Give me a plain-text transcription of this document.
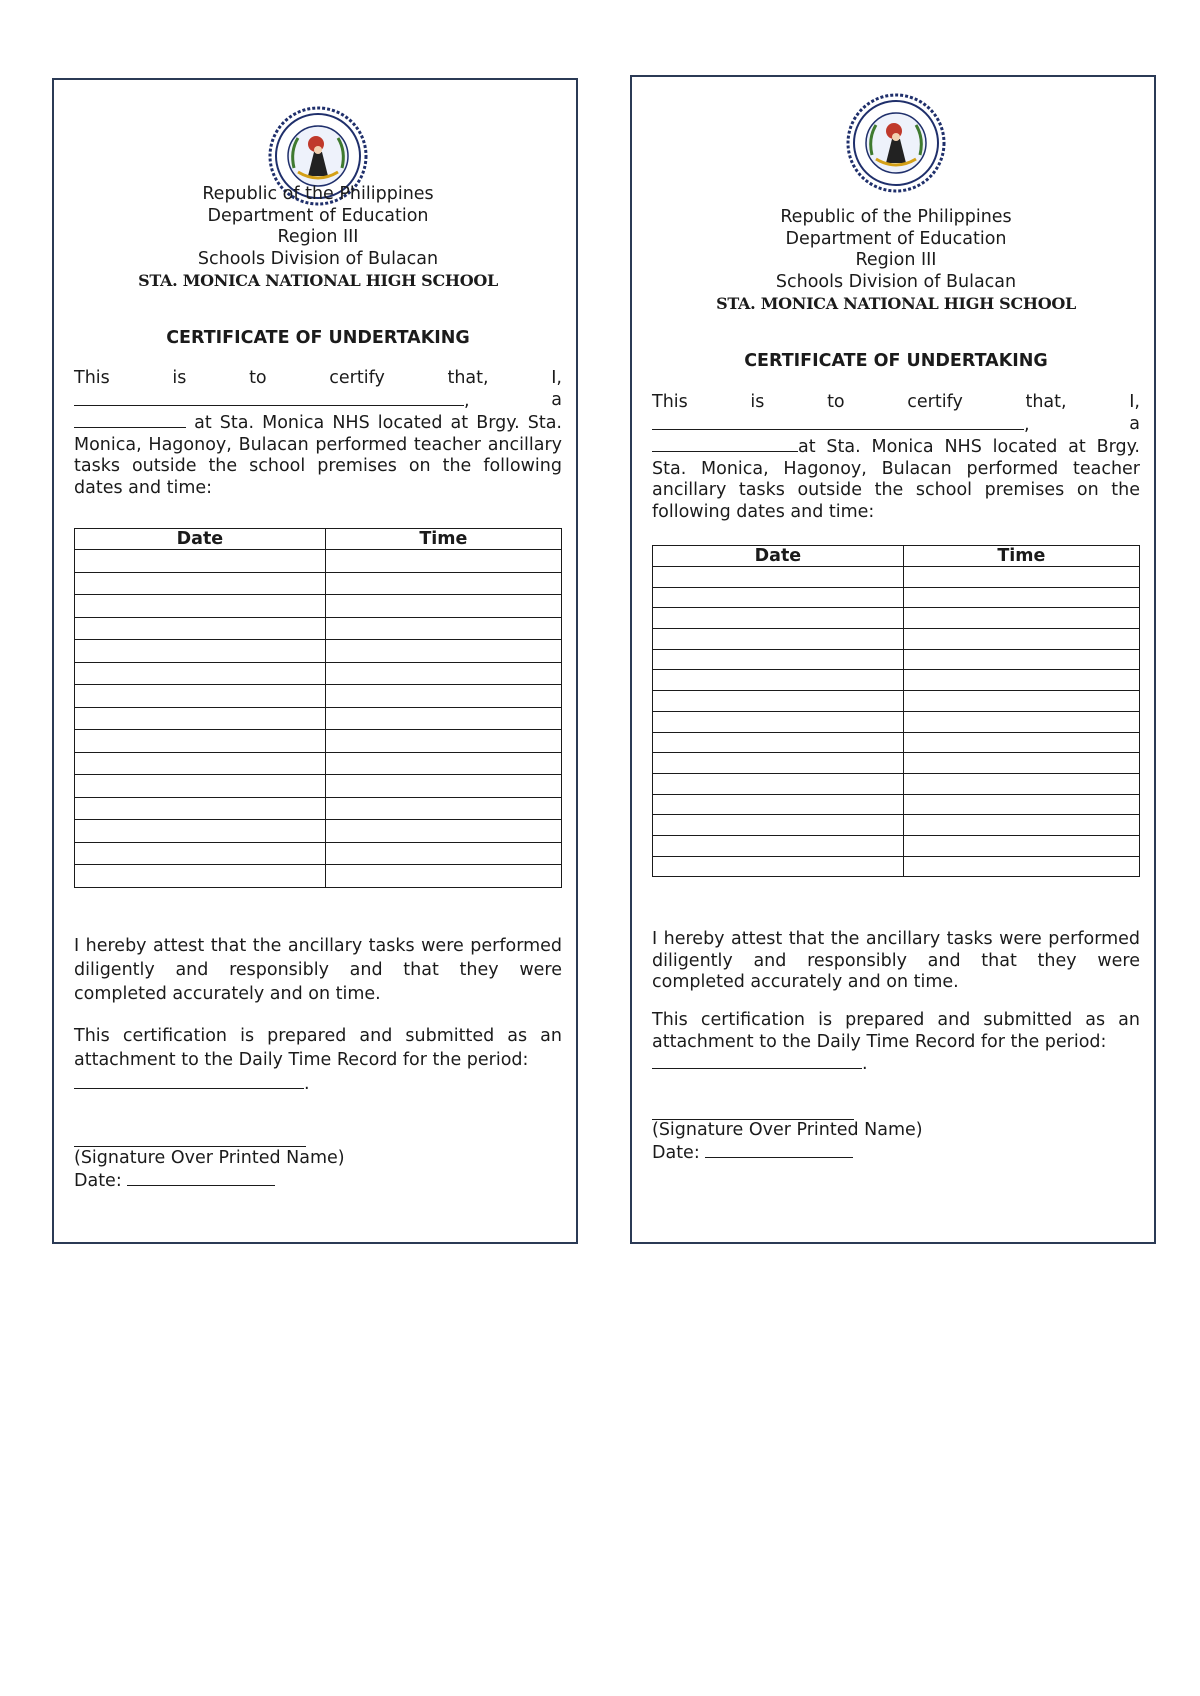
Republic of the Philippines
Department of Education
Region III
Schools Division of Bulacan
STA. MONICA NATIONAL HIGH SCHOOL
CERTIFICATE OF UNDERTAKING
This	is	to	certify	that,	I,
,	a
at Sta. Monica NHS located at Brgy. Sta. Monica, Hagonoy, Bulacan performed teacher ancillary tasks outside the school premises on the following dates and time:
Date	Time

I hereby attest that the ancillary tasks were performed diligently and responsibly and that they were completed accurately and on time.
This certification is prepared and submitted as an attachment to the Daily Time Record for the period:
.
(Signature Over Printed Name)
Date:
Republic of the Philippines
Department of Education
Region III
Schools Division of Bulacan
STA. MONICA NATIONAL HIGH SCHOOL
CERTIFICATE OF UNDERTAKING
This	is	to	certify	that,	I,
,	a
at Sta. Monica NHS located at Brgy. Sta. Monica, Hagonoy, Bulacan performed teacher ancillary tasks outside the school premises on the following dates and time:
Date	Time

I hereby attest that the ancillary tasks were performed diligently and responsibly and that they were completed accurately and on time.
This certification is prepared and submitted as an attachment to the Daily Time Record for the period:
.
(Signature Over Printed Name)
Date:
